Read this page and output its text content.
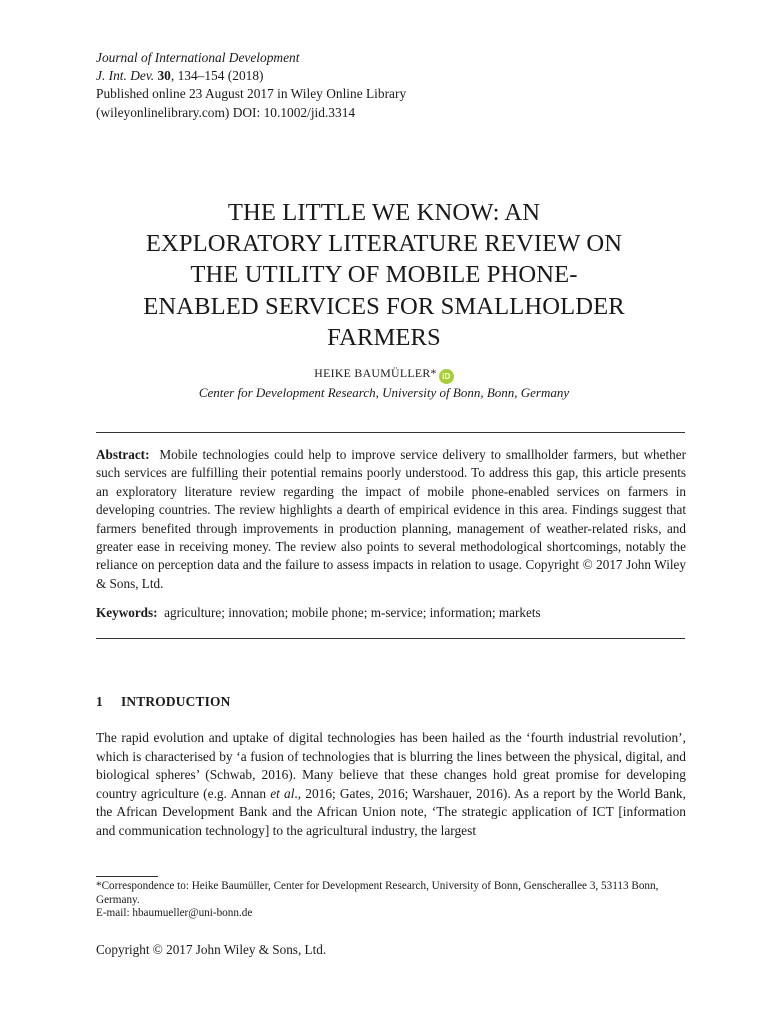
Journal of International Development
J. Int. Dev. 30, 134–154 (2018)
Published online 23 August 2017 in Wiley Online Library
(wileyonlinelibrary.com) DOI: 10.1002/jid.3314
THE LITTLE WE KNOW: AN
EXPLORATORY LITERATURE REVIEW ON
THE UTILITY OF MOBILE PHONE-
ENABLED SERVICES FOR SMALLHOLDER
FARMERS
HEIKE BAUMÜLLER* iD
Center for Development Research, University of Bonn, Bonn, Germany
Abstract: Mobile technologies could help to improve service delivery to smallholder farmers, but whether such services are fulfilling their potential remains poorly understood. To address this gap, this article presents an exploratory literature review regarding the impact of mobile phone-enabled services on farmers in developing countries. The review highlights a dearth of empirical evidence in this area. Findings suggest that farmers benefited through improvements in production planning, management of weather-related risks, and greater ease in receiving money. The review also points to several methodological shortcomings, notably the reliance on perception data and the failure to assess impacts in relation to usage. Copyright © 2017 John Wiley & Sons, Ltd.
Keywords: agriculture; innovation; mobile phone; m-service; information; markets
1 INTRODUCTION
The rapid evolution and uptake of digital technologies has been hailed as the ‘fourth industrial revolution’, which is characterised by ‘a fusion of technologies that is blurring the lines between the physical, digital, and biological spheres’ (Schwab, 2016). Many believe that these changes hold great promise for developing country agriculture (e.g. Annan et al., 2016; Gates, 2016; Warshauer, 2016). As a report by the World Bank, the African Development Bank and the African Union note, ‘The strategic application of ICT [information and communication technology] to the agricultural industry, the largest
*Correspondence to: Heike Baumüller, Center for Development Research, University of Bonn, Genscherallee 3, 53113 Bonn, Germany.
E-mail: hbaumueller@uni-bonn.de
Copyright © 2017 John Wiley & Sons, Ltd.
